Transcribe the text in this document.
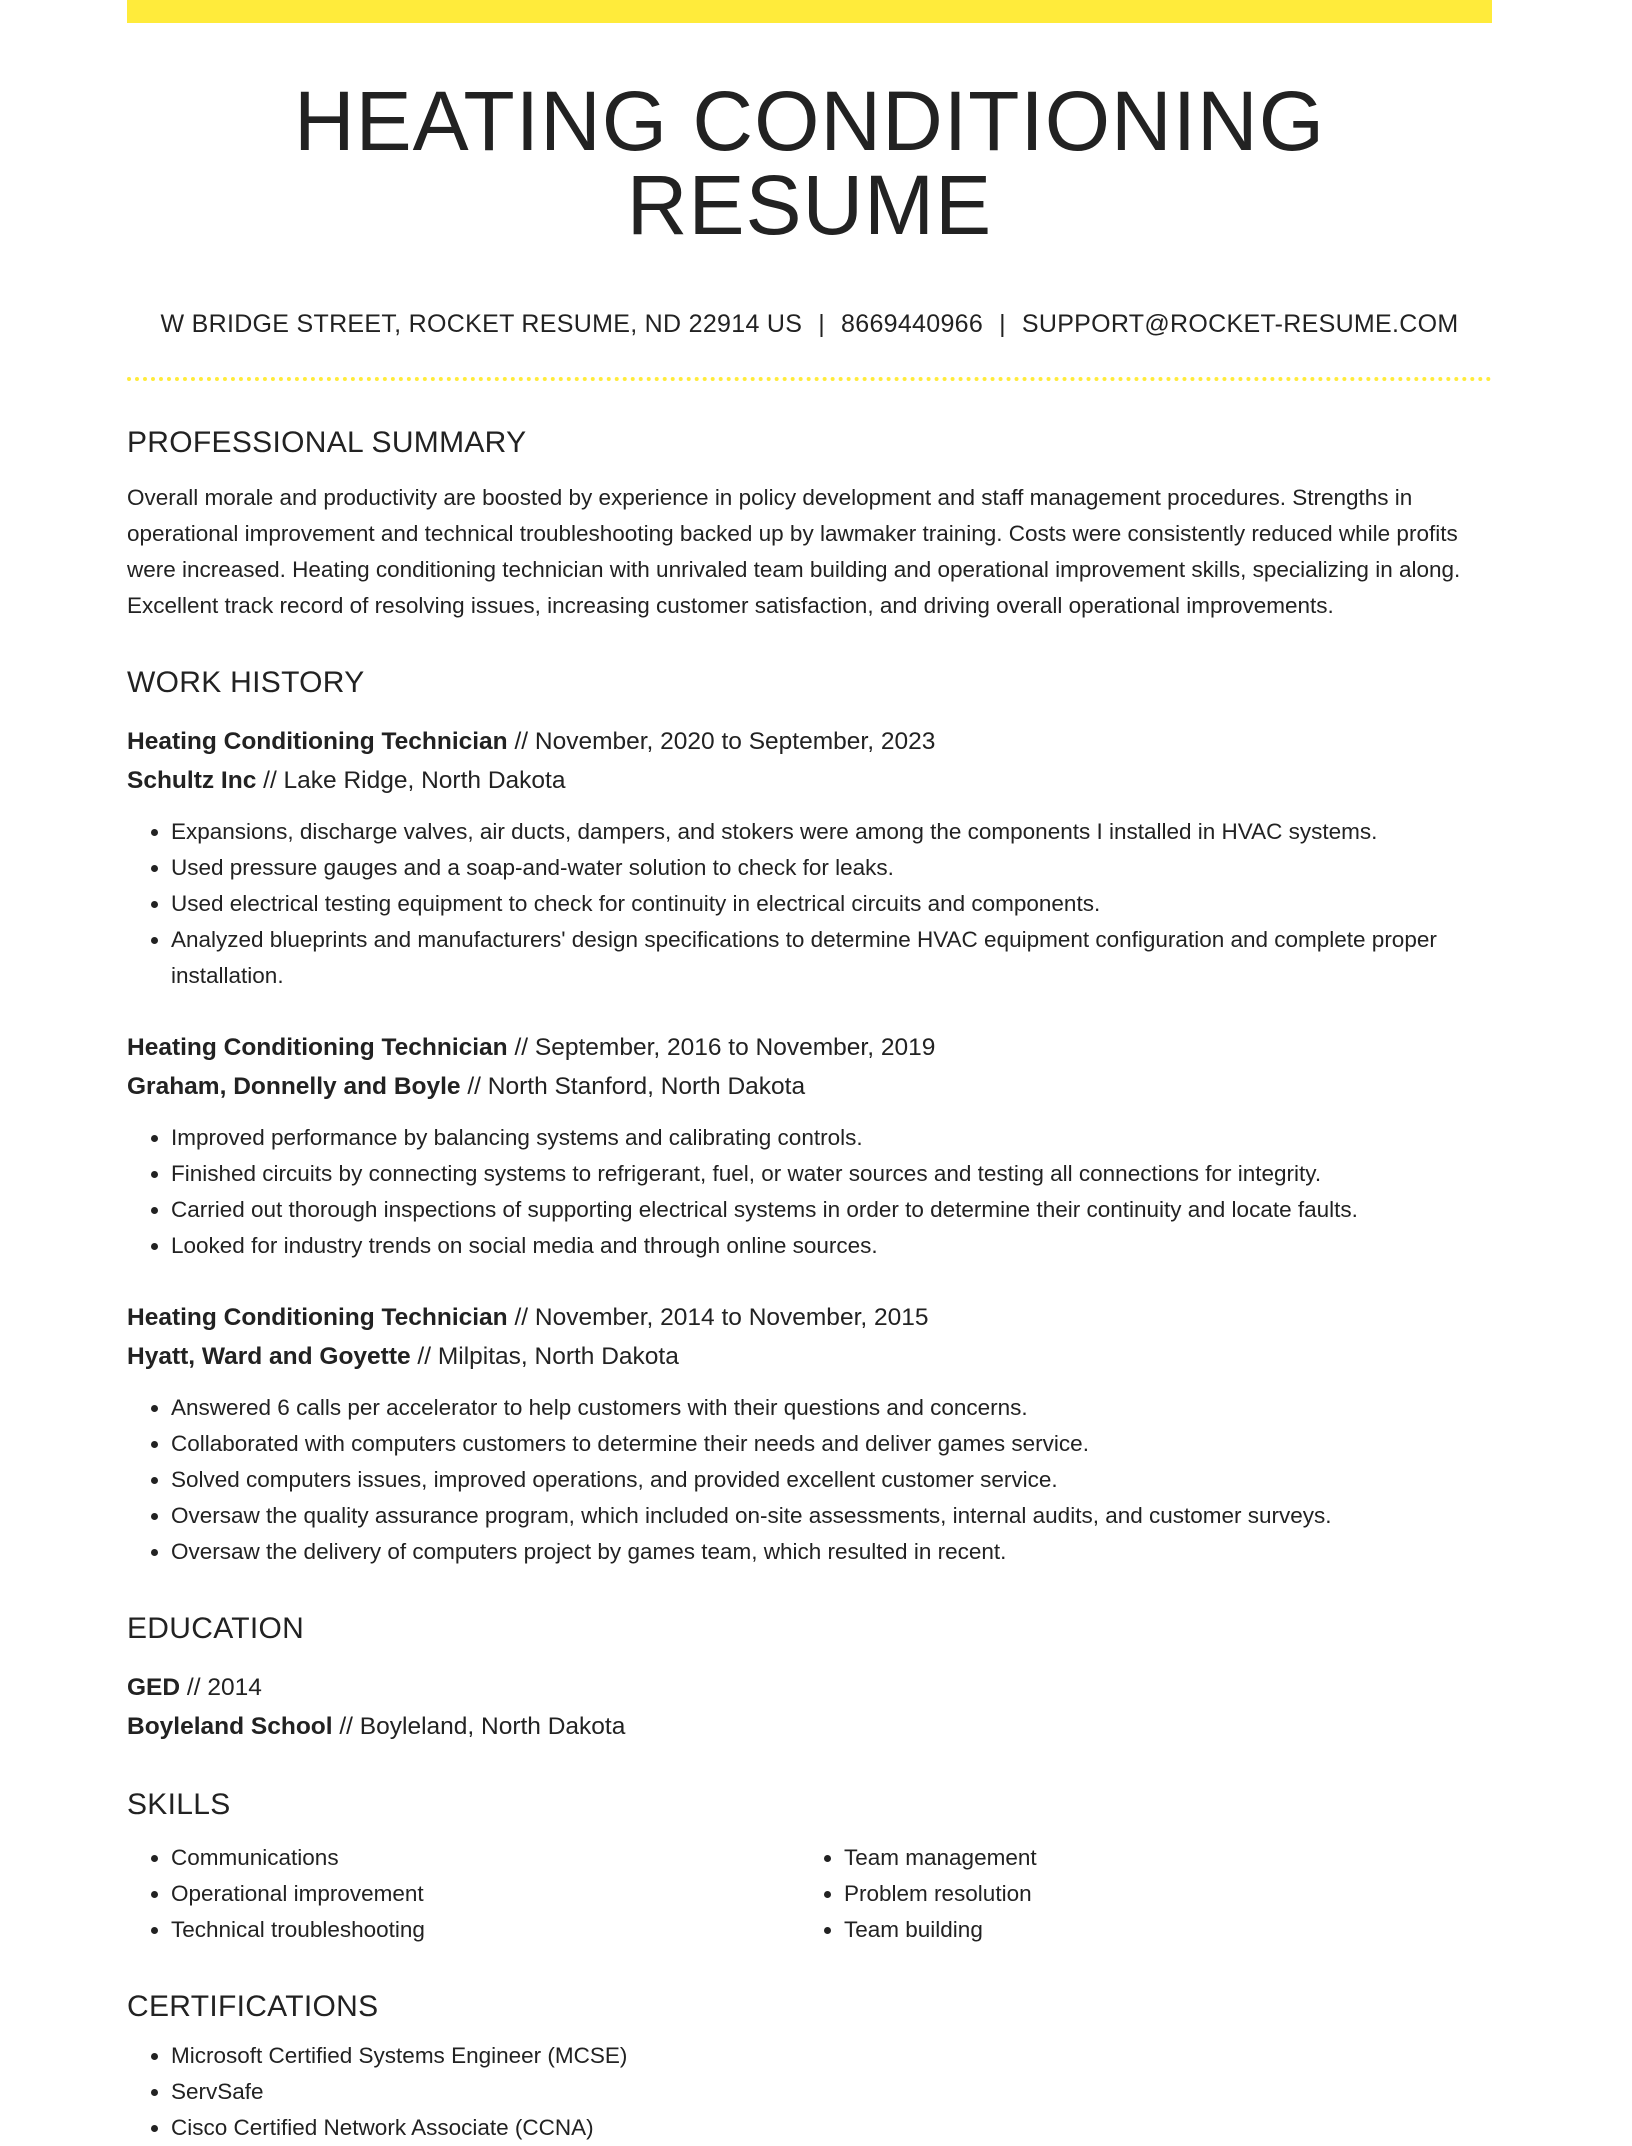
HEATING CONDITIONING RESUME
W BRIDGE STREET, ROCKET RESUME, ND 22914 US | 8669440966 | SUPPORT@ROCKET-RESUME.COM
PROFESSIONAL SUMMARY

Overall morale and productivity are boosted by experience in policy development and staff management procedures. Strengths in operational improvement and technical troubleshooting backed up by lawmaker training. Costs were consistently reduced while profits were increased. Heating conditioning technician with unrivaled team building and operational improvement skills, specializing in along. Excellent track record of resolving issues, increasing customer satisfaction, and driving overall operational improvements.

WORK HISTORY
Heating Conditioning Technician // November, 2020 to September, 2023
Schultz Inc // Lake Ridge, North Dakota
• Expansions, discharge valves, air ducts, dampers, and stokers were among the components I installed in HVAC systems.
• Used pressure gauges and a soap-and-water solution to check for leaks.
• Used electrical testing equipment to check for continuity in electrical circuits and components.
• Analyzed blueprints and manufacturers' design specifications to determine HVAC equipment configuration and complete proper installation.
Heating Conditioning Technician // September, 2016 to November, 2019
Graham, Donnelly and Boyle // North Stanford, North Dakota
• Improved performance by balancing systems and calibrating controls.
• Finished circuits by connecting systems to refrigerant, fuel, or water sources and testing all connections for integrity.
• Carried out thorough inspections of supporting electrical systems in order to determine their continuity and locate faults.
• Looked for industry trends on social media and through online sources.
Heating Conditioning Technician // November, 2014 to November, 2015
Hyatt, Ward and Goyette // Milpitas, North Dakota
• Answered 6 calls per accelerator to help customers with their questions and concerns.
• Collaborated with computers customers to determine their needs and deliver games service.
• Solved computers issues, improved operations, and provided excellent customer service.
• Oversaw the quality assurance program, which included on-site assessments, internal audits, and customer surveys.
• Oversaw the delivery of computers project by games team, which resulted in recent.
EDUCATION
GED // 2014
Boyleland School // Boyleland, North Dakota
SKILLS
• Communications
• Operational improvement
• Technical troubleshooting
• Team management
• Problem resolution
• Team building
CERTIFICATIONS
• Microsoft Certified Systems Engineer (MCSE)
• ServSafe
• Cisco Certified Network Associate (CCNA)
